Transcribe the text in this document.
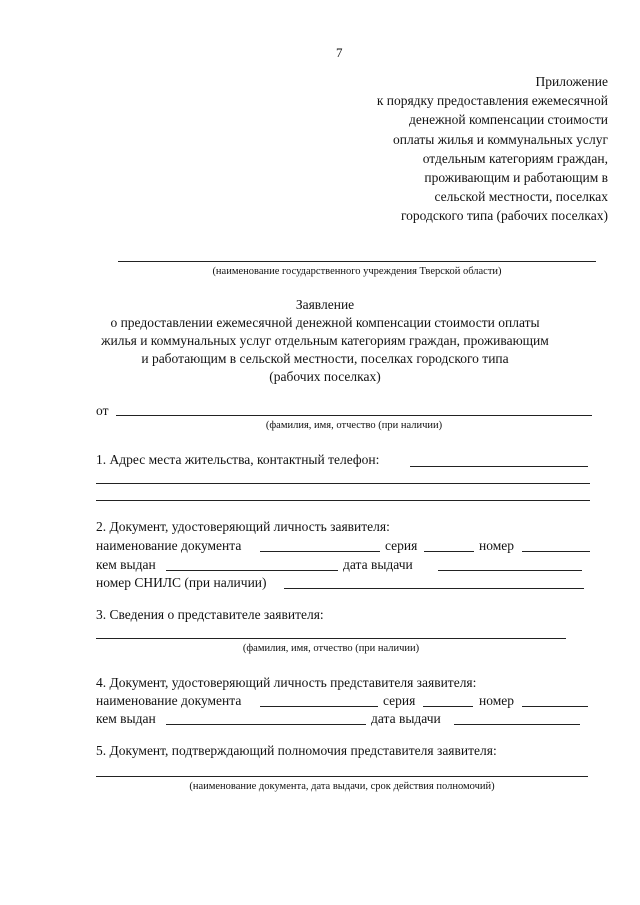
7
Приложение
к порядку предоставления ежемесячной
денежной компенсации стоимости
оплаты жилья и коммунальных услуг
отдельным категориям граждан,
проживающим и работающим в
сельской местности, поселках
городского типа (рабочих поселках)
(наименование государственного учреждения Тверской области)
Заявление
о предоставлении ежемесячной денежной компенсации стоимости оплаты
жилья и коммунальных услуг отдельным категориям граждан, проживающим
и работающим в сельской местности, поселках городского типа
(рабочих поселках)
от
(фамилия, имя, отчество (при наличии)
1. Адрес места жительства, контактный телефон:
2. Документ, удостоверяющий личность заявителя:
наименование документа	серия	номер
кем выдан	дата выдачи
номер СНИЛС (при наличии)
3. Сведения о представителе заявителя:
(фамилия, имя, отчество (при наличии)
4. Документ, удостоверяющий личность представителя заявителя:
наименование документа	серия	номер
кем выдан	дата выдачи
5. Документ, подтверждающий полномочия представителя заявителя:
(наименование документа, дата выдачи, срок действия полномочий)
